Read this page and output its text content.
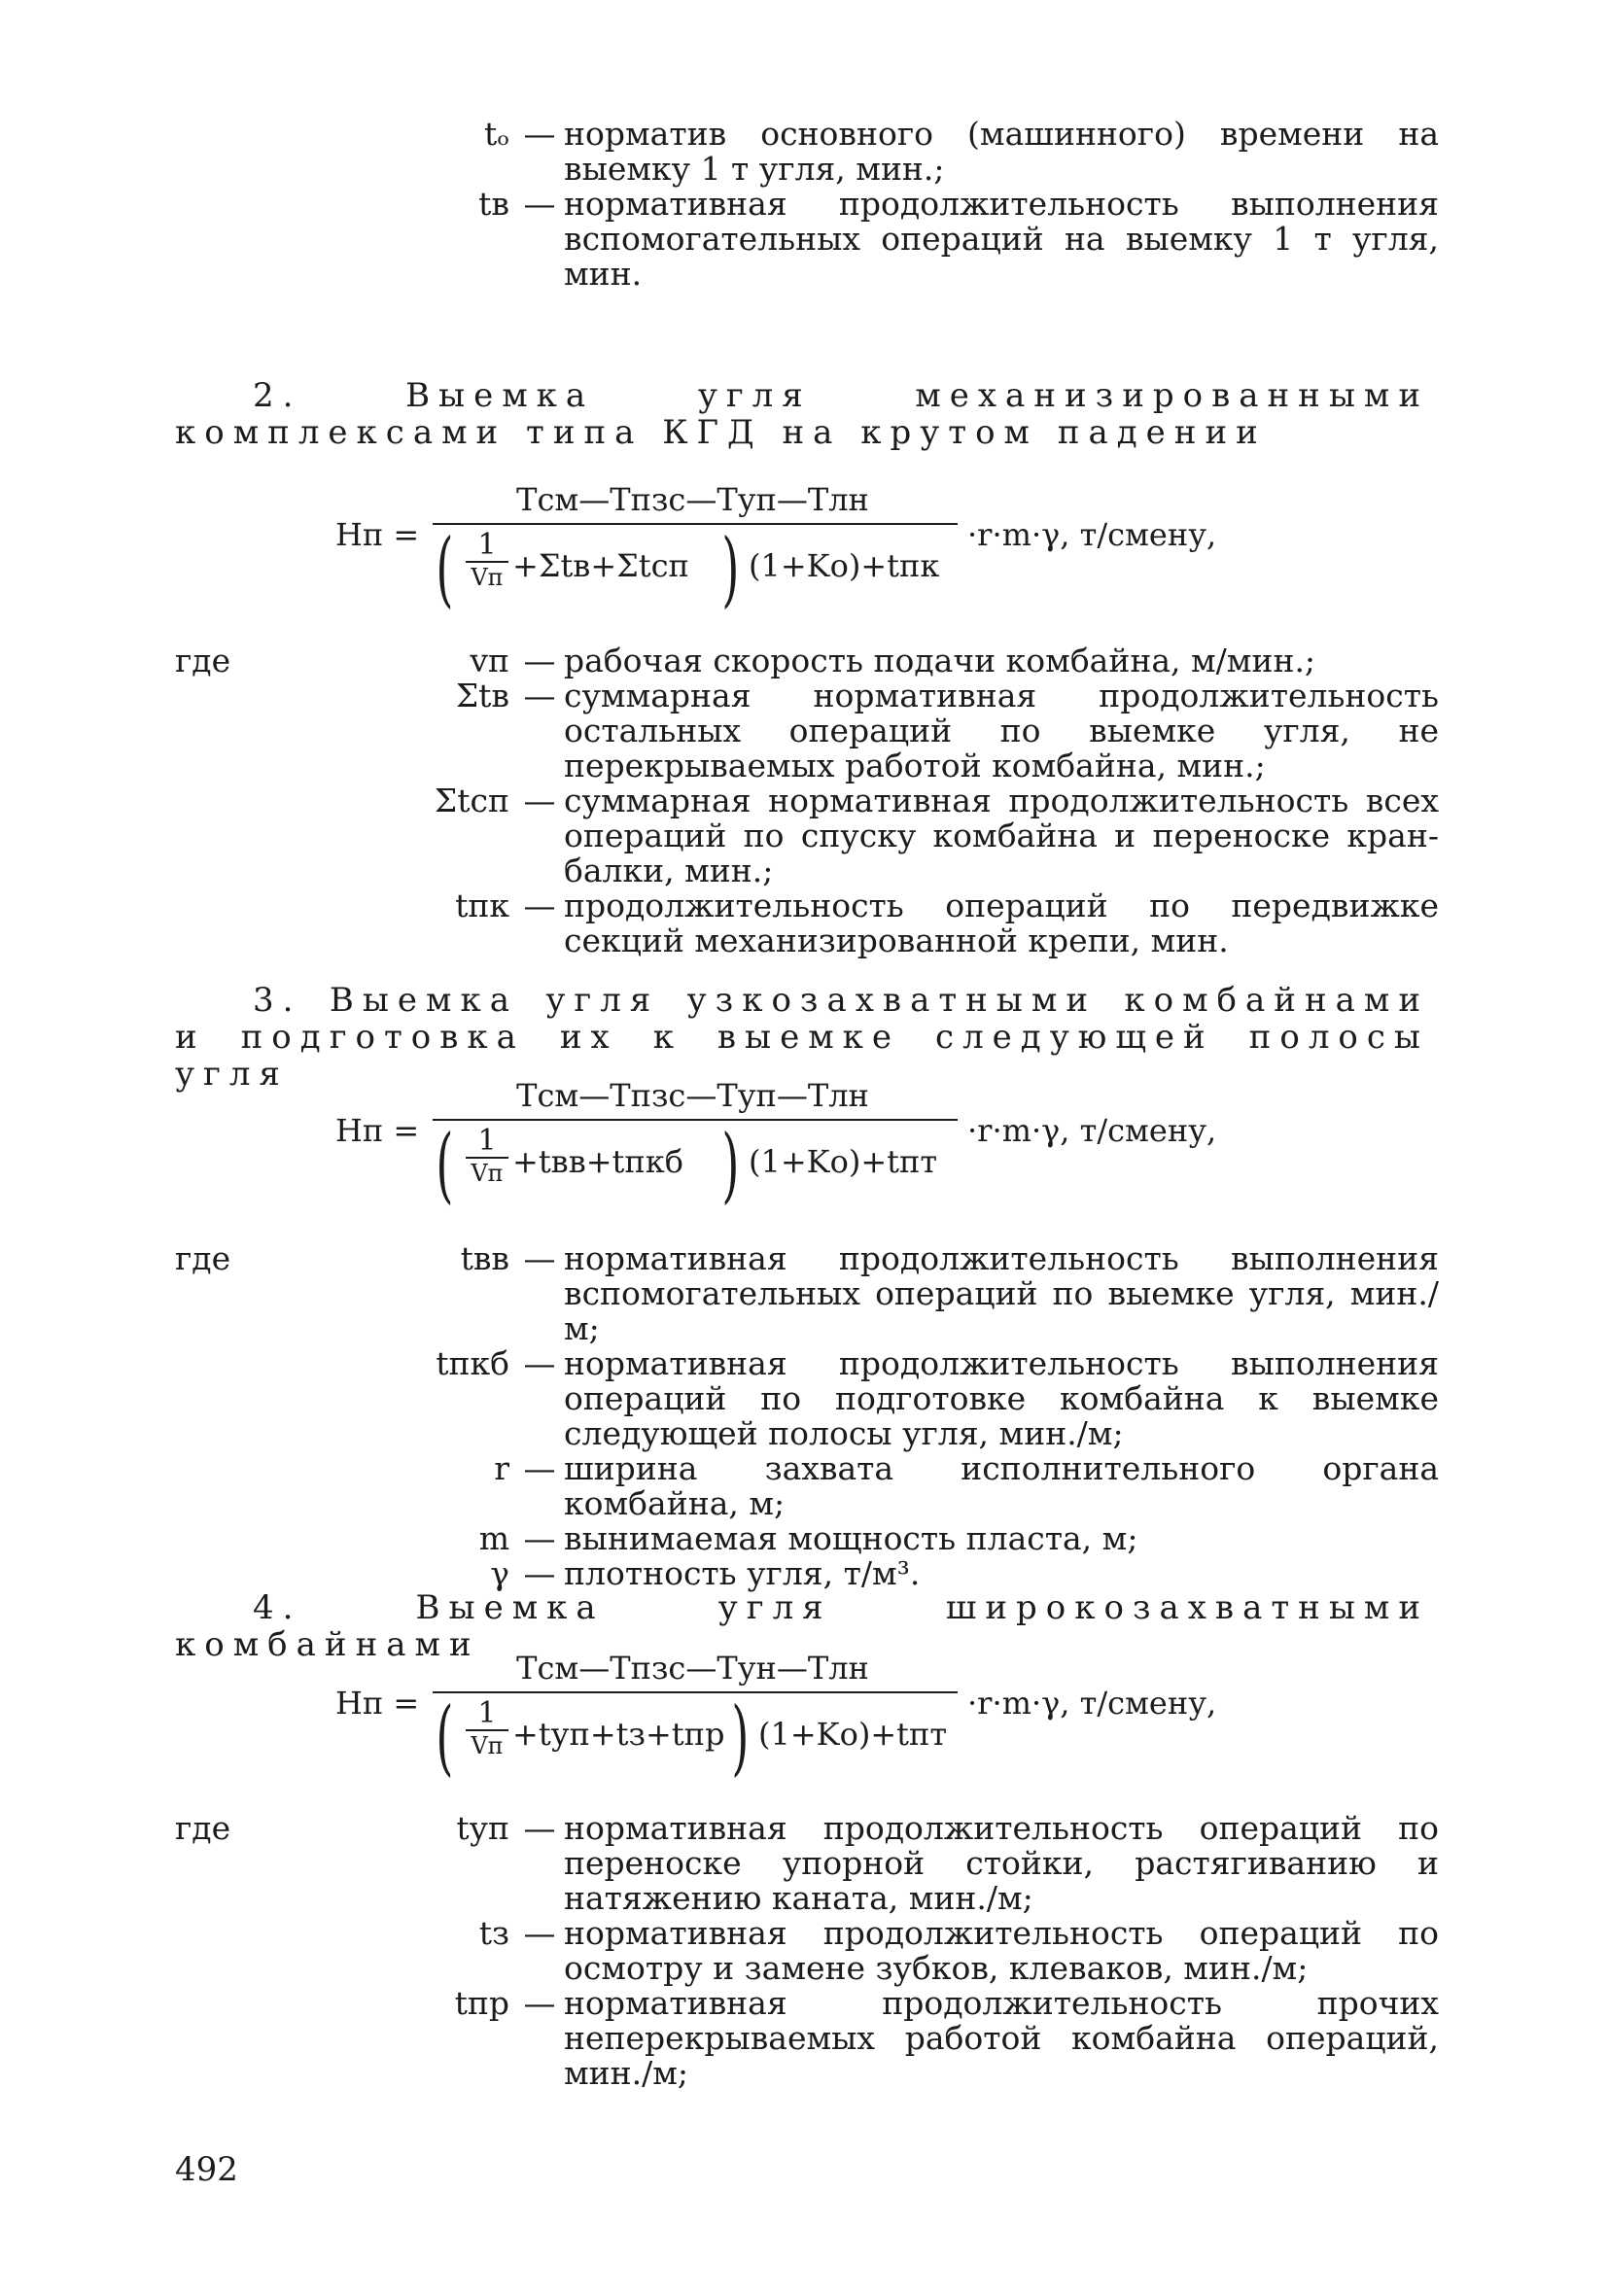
tₒ — норматив основного (машинного) времени на выемку 1 т угля, мин.;
tв — нормативная продолжительность выполнения вспомогательных операций на выемку 1 т угля, мин.
2. Выемка угля механизированными комплексами типа КГД на крутом падении
Hп =
Tсм—Tпзс—Tуп—Tлн
( 1
Vп +Σtв+Σtсп ) (1+Kо)+tпк
·r·m·γ, т/смену,
где	vп — рабочая скорость подачи комбайна, м/мин.;
Σtв — суммарная нормативная продолжительность остальных операций по выемке угля, не перекрываемых работой комбайна, мин.;
Σtсп — суммарная нормативная продолжительность всех операций по спуску комбайна и переноске кран-балки, мин.;
tпк — продолжительность операций по передвижке секций механизированной крепи, мин.
3. Выемка угля узкозахватными комбайнами и подготовка их к выемке следующей полосы угля
Hп =
Tсм—Tпзс—Tуп—Tлн
( 1
Vп +tвв+tпкб ) (1+Kо)+tпт
·r·m·γ, т/смену,
где	tвв — нормативная продолжительность выполнения вспомогательных операций по выемке угля, мин./м;
tпкб — нормативная продолжительность выполнения операций по подготовке комбайна к выемке следующей полосы угля, мин./м;
r — ширина захвата исполнительного органа комбайна, м;
m — вынимаемая мощность пласта, м;
γ — плотность угля, т/м³.
4. Выемка угля широкозахватными комбайнами
Hп =
Tсм—Tпзс—Tун—Tлн
( 1
Vп +tуп+tз+tпр ) (1+Kо)+tпт
·r·m·γ, т/смену,
где	tуп — нормативная продолжительность операций по переноске упорной стойки, растягиванию и натяжению каната, мин./м;
tз — нормативная продолжительность операций по осмотру и замене зубков, клеваков, мин./м;
tпр — нормативная продолжительность прочих неперекрываемых работой комбайна операций, мин./м;
492
